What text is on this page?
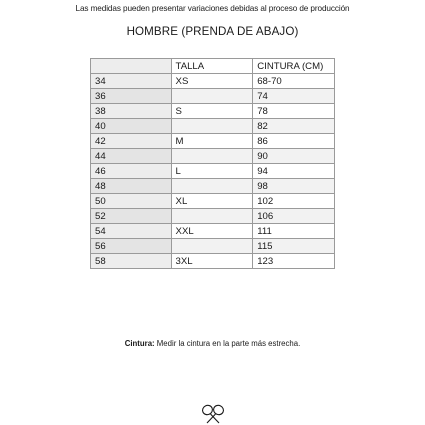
Las medidas pueden presentar variaciones debidas al proceso de producción
HOMBRE (PRENDA DE ABAJO)
	TALLA	CINTURA (CM)
34	XS	68-70
36		74
38	S	78
40		82
42	M	86
44		90
46	L	94
48		98
50	XL	102
52		106
54	XXL	111
56		115
58	3XL	123
Cintura: Medir la cintura en la parte más estrecha.
